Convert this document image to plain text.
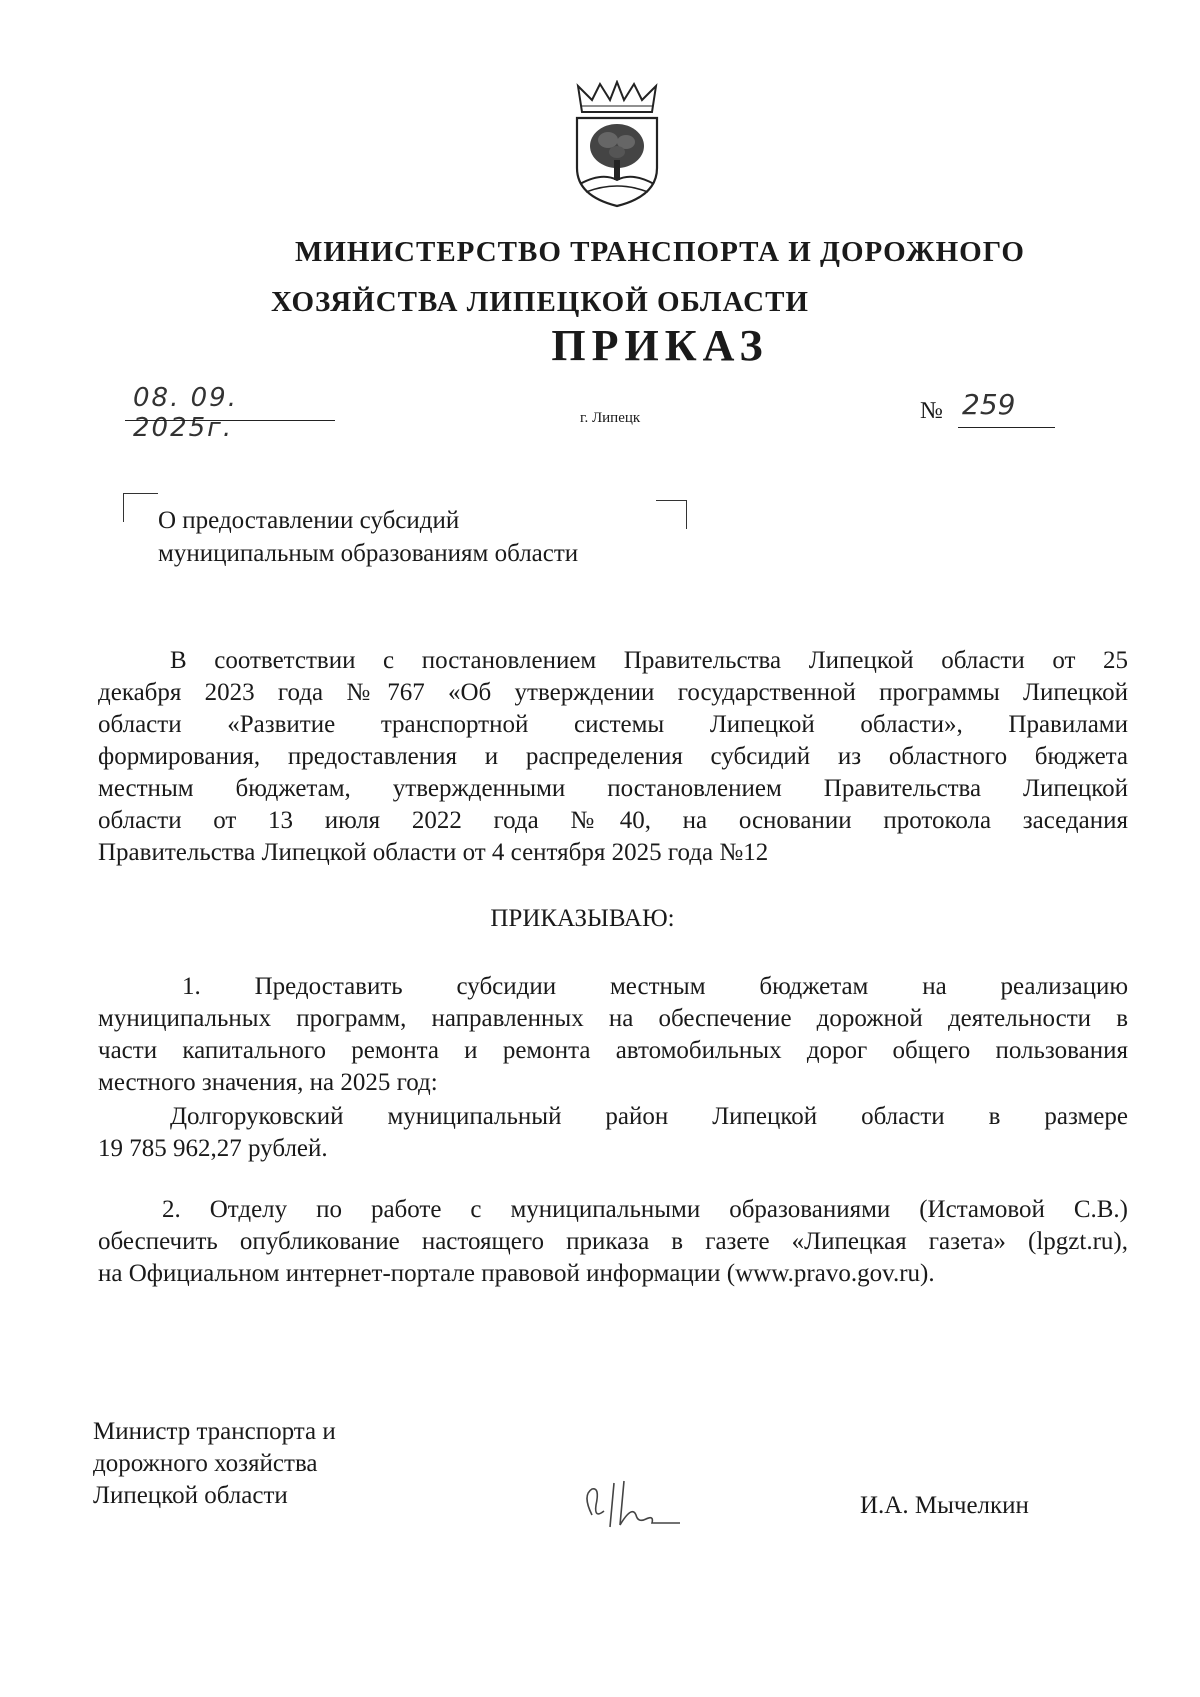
МИНИСТЕРСТВО ТРАНСПОРТА И ДОРОЖНОГО
ХОЗЯЙСТВА ЛИПЕЦКОЙ ОБЛАСТИ
ПРИКАЗ
08. 09. 2025г.	г. Липецк	№ 259
О предоставлении субсидий
муниципальным образованиям области
В соответствии с постановлением Правительства Липецкой области от 25
декабря 2023 года №767 «Об утверждении государственной программы Липецкой
области «Развитие транспортной системы Липецкой области», Правилами
формирования, предоставления и распределения субсидий из областного бюджета
местным бюджетам, утвержденными постановлением Правительства Липецкой
области от 13 июля 2022 года №40, на основании протокола заседания
Правительства Липецкой области от 4 сентября 2025 года №12
ПРИКАЗЫВАЮ:
1. Предоставить субсидии местным бюджетам на реализацию
муниципальных программ, направленных на обеспечение дорожной деятельности в
части капитального ремонта и ремонта автомобильных дорог общего пользования
местного значения, на 2025 год:
Долгоруковский муниципальный район Липецкой области в размере
19 785 962,27 рублей.
2. Отделу по работе с муниципальными образованиями (Истамовой С.В.)
обеспечить опубликование настоящего приказа в газете «Липецкая газета» (lpgzt.ru),
на Официальном интернет-портале правовой информации (www.pravo.gov.ru).
Министр транспорта и
дорожного хозяйства
Липецкой области	И.А. Мычелкин
